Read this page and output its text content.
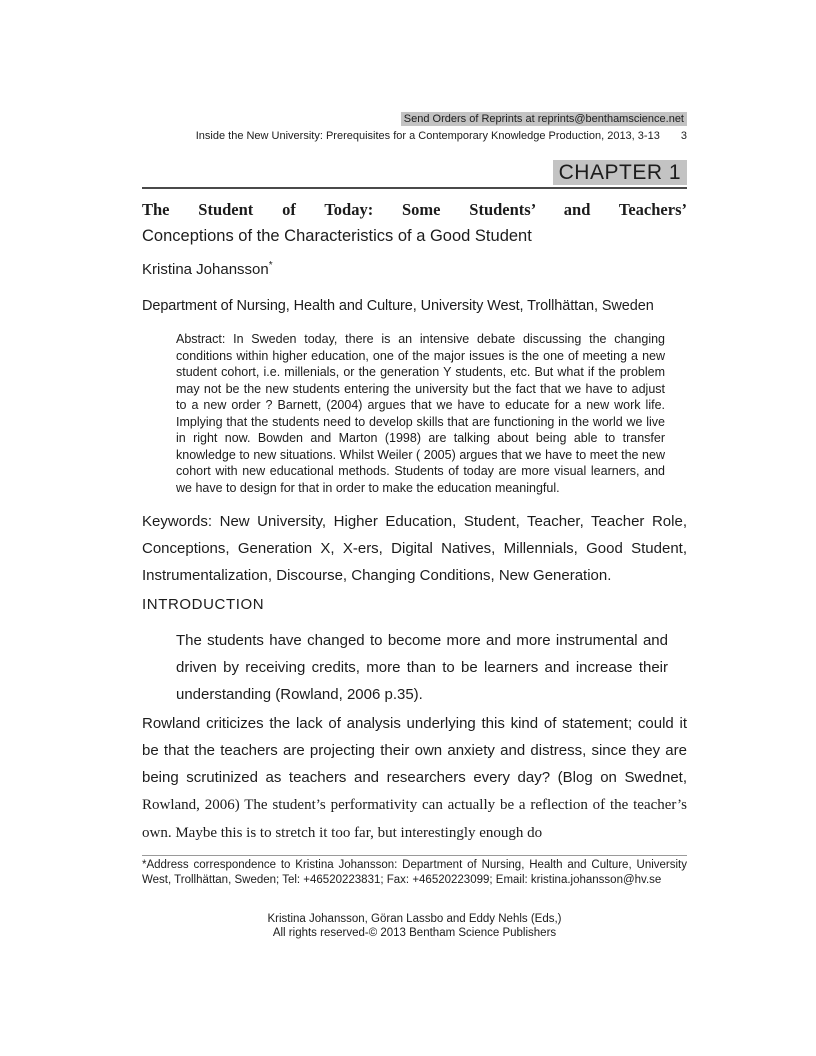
Send Orders of Reprints at reprints@benthamscience.net
Inside the New University: Prerequisites for a Contemporary Knowledge Production, 2013, 3-13 3
CHAPTER 1
The Student of Today: Some Students’ and Teachers’
Conceptions of the Characteristics of a Good Student
Kristina Johansson*
Department of Nursing, Health and Culture, University West, Trollhättan, Sweden

Abstract: In Sweden today, there is an intensive debate discussing the changing conditions within higher education, one of the major issues is the one of meeting a new student cohort, i.e. millenials, or the generation Y students, etc. But what if the problem may not be the new students entering the university but the fact that we have to adjust to a new order ? Barnett, (2004) argues that we have to educate for a new work life. Implying that the students need to develop skills that are functioning in the world we live in right now. Bowden and Marton (1998) are talking about being able to transfer knowledge to new situations. Whilst Weiler ( 2005) argues that we have to meet the new cohort with new educational methods. Students of today are more visual learners, and we have to design for that in order to make the education meaningful.

Keywords: New University, Higher Education, Student, Teacher, Teacher Role, Conceptions, Generation X, X-ers, Digital Natives, Millennials, Good Student, Instrumentalization, Discourse, Changing Conditions, New Generation.

INTRODUCTION

The students have changed to become more and more instrumental and driven by receiving credits, more than to be learners and increase their understanding (Rowland, 2006 p.35).

Rowland criticizes the lack of analysis underlying this kind of statement; could it be that the teachers are projecting their own anxiety and distress, since they are being scrutinized as teachers and researchers every day? (Blog on Swednet, Rowland, 2006) The student’s performativity can actually be a reflection of the teacher’s own. Maybe this is to stretch it too far, but interestingly enough do

*Address correspondence to Kristina Johansson: Department of Nursing, Health and Culture, University West, Trollhättan, Sweden; Tel: +46520223831; Fax: +46520223099; Email: kristina.johansson@hv.se

Kristina Johansson, Göran Lassbo and Eddy Nehls (Eds,)
All rights reserved-© 2013 Bentham Science Publishers
